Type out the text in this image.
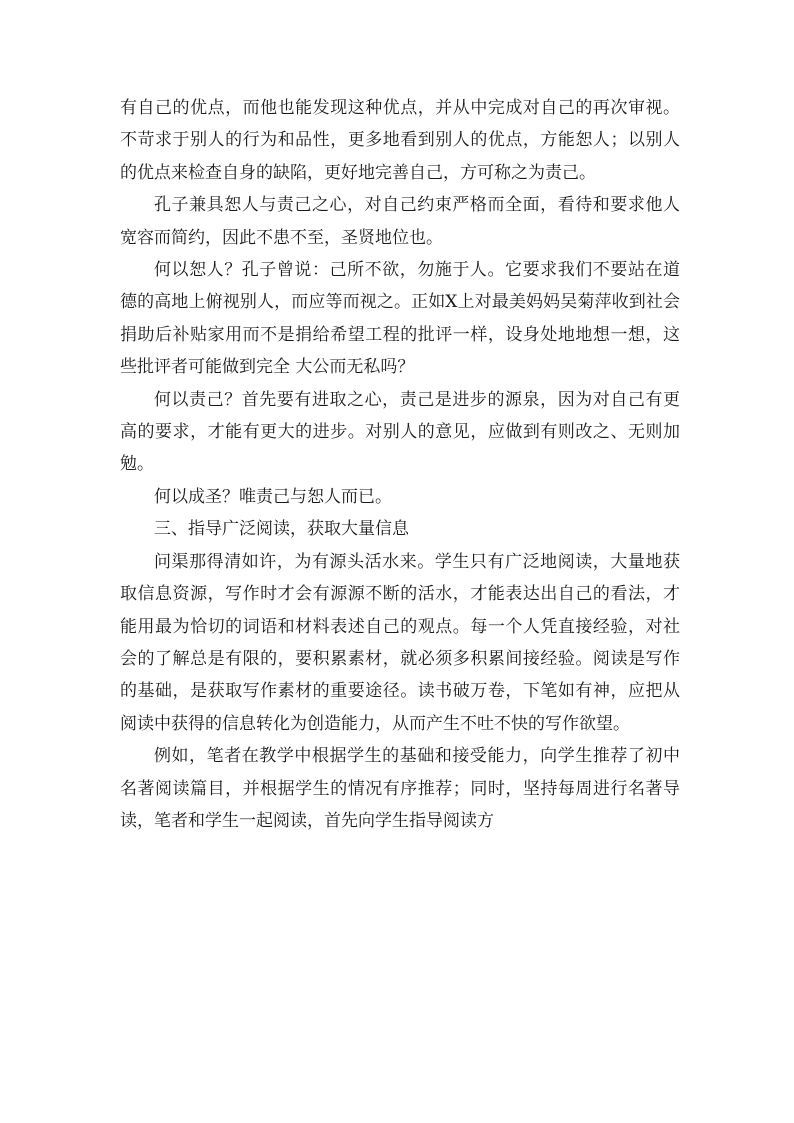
有自己的优点，而他也能发现这种优点，并从中完成对自己的再次审视。不苛求于别人的行为和品性，更多地看到别人的优点，方能恕人；以别人的优点来检查自身的缺陷，更好地完善自己，方可称之为责己。

孔子兼具恕人与责己之心，对自己约束严格而全面，看待和要求他人宽容而简约，因此不患不至，圣贤地位也。

何以恕人？孔子曾说：己所不欲，勿施于人。它要求我们不要站在道德的高地上俯视别人，而应等而视之。正如X上对最美妈妈吴菊萍收到社会捐助后补贴家用而不是捐给希望工程的批评一样，设身处地地想一想，这些批评者可能做到完全 大公而无私吗？

何以责己？首先要有进取之心，责己是进步的源泉，因为对自己有更高的要求，才能有更大的进步。对别人的意见，应做到有则改之、无则加勉。

何以成圣？唯责己与恕人而已。

三、指导广泛阅读，获取大量信息

问渠那得清如许，为有源头活水来。学生只有广泛地阅读，大量地获取信息资源，写作时才会有源源不断的活水，才能表达出自己的看法，才能用最为恰切的词语和材料表述自己的观点。每一个人凭直接经验，对社会的了解总是有限的，要积累素材，就必须多积累间接经验。阅读是写作的基础，是获取写作素材的重要途径。读书破万卷，下笔如有神，应把从阅读中获得的信息转化为创造能力，从而产生不吐不快的写作欲望。

例如，笔者在教学中根据学生的基础和接受能力，向学生推荐了初中名著阅读篇目，并根据学生的情况有序推荐；同时，坚持每周进行名著导读，笔者和学生一起阅读，首先向学生指导阅读方
